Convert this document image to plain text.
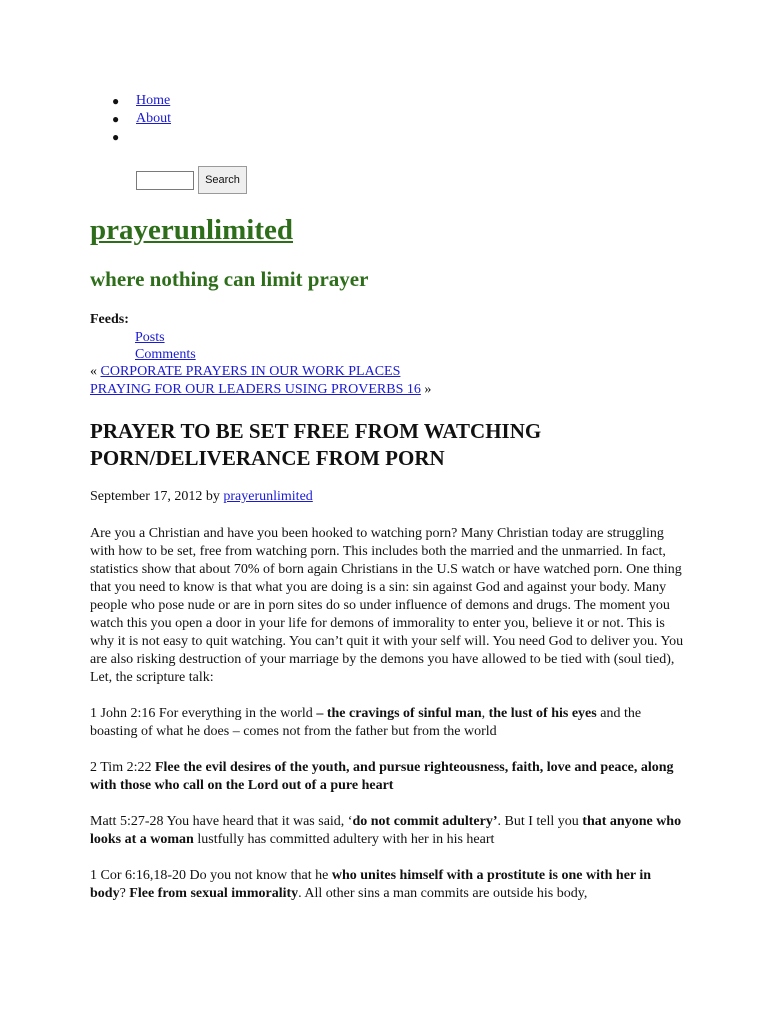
● Home
● About
●
Search
prayerunlimited
where nothing can limit prayer
Feeds:
Posts
Comments
« CORPORATE PRAYERS IN OUR WORK PLACES
PRAYING FOR OUR LEADERS USING PROVERBS 16 »
PRAYER TO BE SET FREE FROM WATCHING PORN/DELIVERANCE FROM PORN
September 17, 2012 by prayerunlimited

Are you a Christian and have you been hooked to watching porn? Many Christian today are struggling with how to be set, free from watching porn. This includes both the married and the unmarried. In fact, statistics show that about 70% of born again Christians in the U.S watch or have watched porn. One thing that you need to know is that what you are doing is a sin: sin against God and against your body. Many people who pose nude or are in porn sites do so under influence of demons and drugs. The moment you watch this you open a door in your life for demons of immorality to enter you, believe it or not. This is why it is not easy to quit watching. You can’t quit it with your self will. You need God to deliver you. You are also risking destruction of your marriage by the demons you have allowed to be tied with (soul tied), Let, the scripture talk:

1 John 2:16 For everything in the world – the cravings of sinful man, the lust of his eyes and the boasting of what he does – comes not from the father but from the world

2 Tim 2:22 Flee the evil desires of the youth, and pursue righteousness, faith, love and peace, along with those who call on the Lord out of a pure heart

Matt 5:27-28 You have heard that it was said, ‘do not commit adultery’. But I tell you that anyone who looks at a woman lustfully has committed adultery with her in his heart

1 Cor 6:16,18-20 Do you not know that he who unites himself with a prostitute is one with her in body? Flee from sexual immorality. All other sins a man commits are outside his body,
